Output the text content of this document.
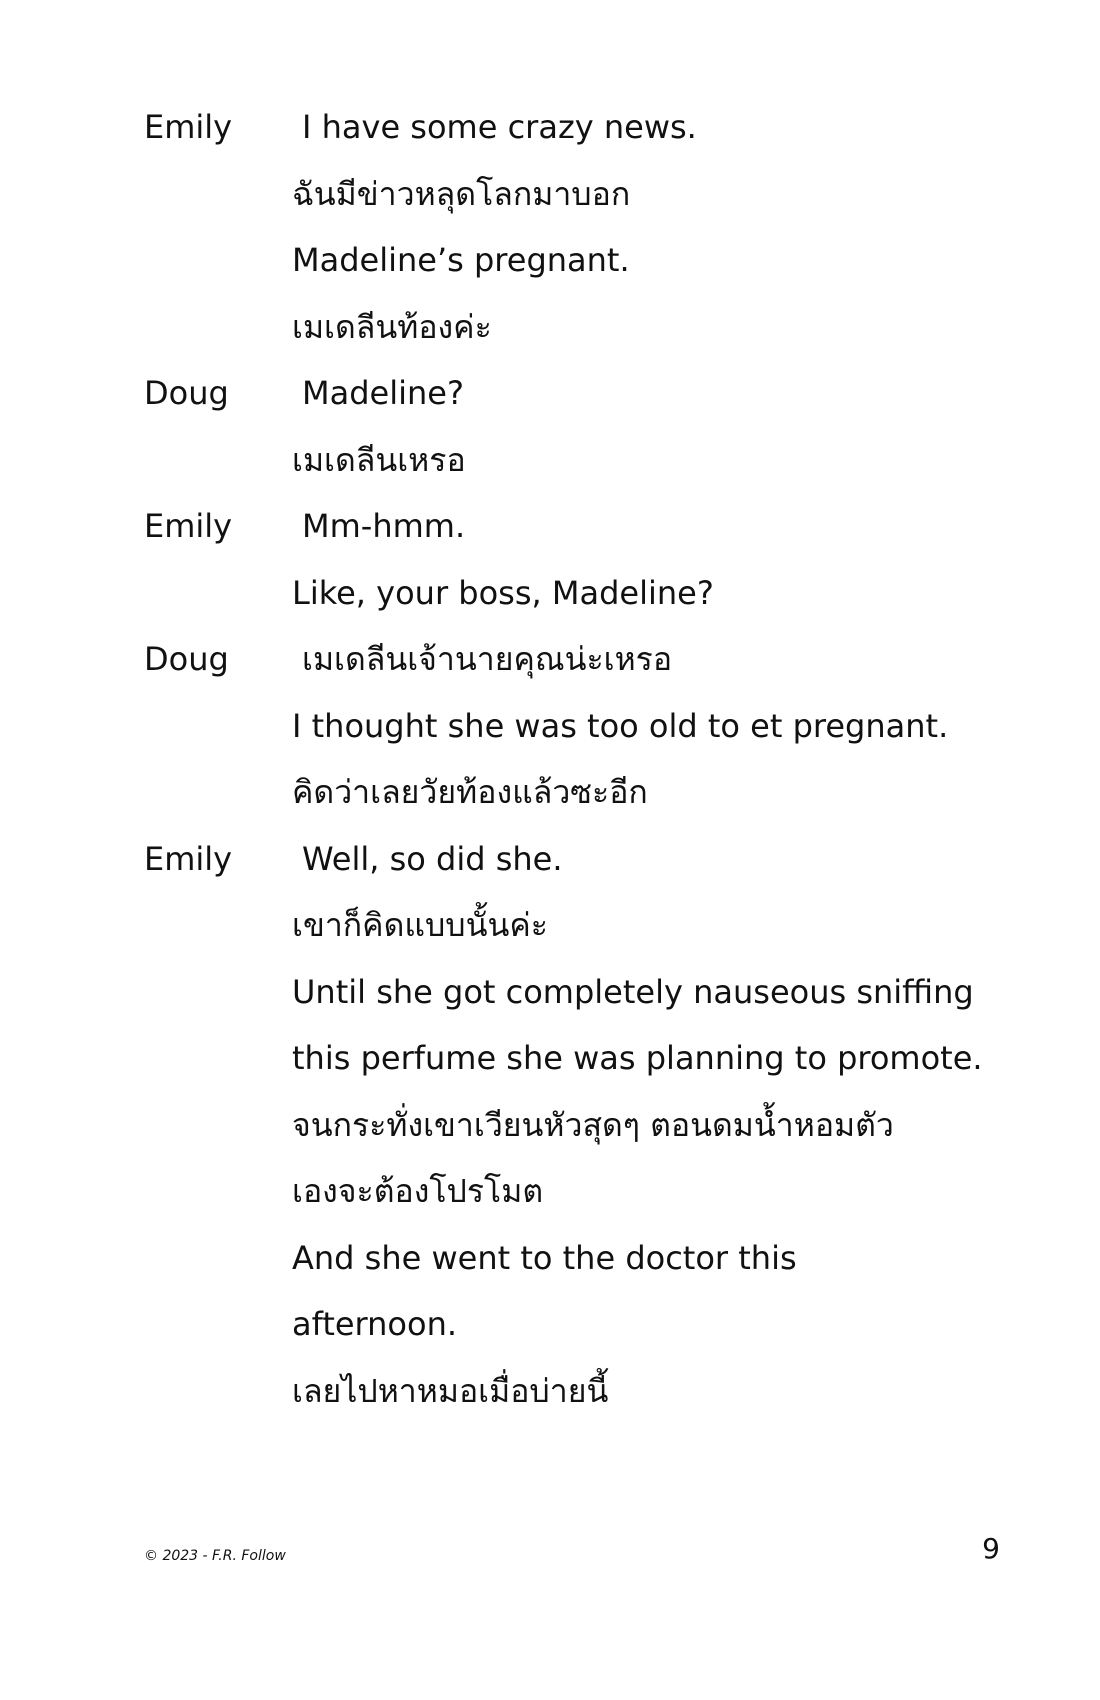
Emily	I have some crazy news.
ฉันมีข่าวหลุดโลกมาบอก
Madeline’s pregnant.
เมเดลีนท้องค่ะ
Doug	Madeline?
เมเดลีนเหรอ
Emily	Mm-hmm.
Like, your boss, Madeline?
Doug	เมเดลีนเจ้านายคุณน่ะเหรอ
I thought she was too old to et pregnant.
คิดว่าเลยวัยท้องแล้วซะอีก
Emily	Well, so did she.
เขาก็คิดแบบนั้นค่ะ
Until she got completely nauseous sniffing
this perfume she was planning to promote.
จนกระทั่งเขาเวียนหัวสุดๆ ตอนดมน้ำหอมตัว
เองจะต้องโปรโมต
And she went to the doctor this
afternoon.
เลยไปหาหมอเมื่อบ่ายนี้
© 2023 - F.R. Follow	9
